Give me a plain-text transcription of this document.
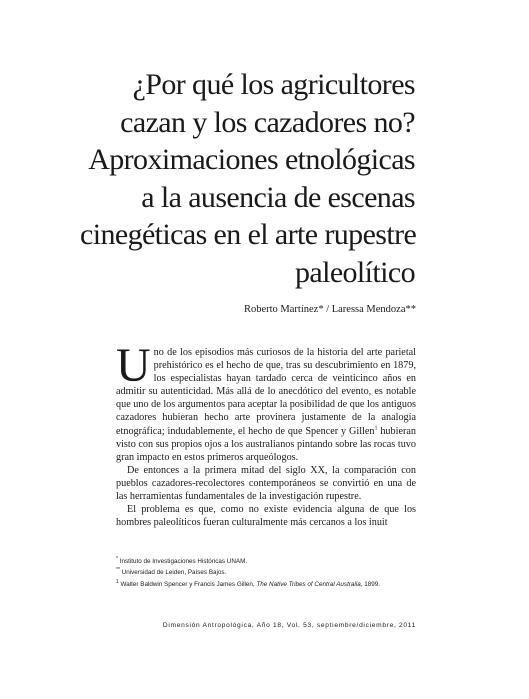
¿Por qué los agricultores
cazan y los cazadores no?
Aproximaciones etnológicas
a la ausencia de escenas
cinegéticas en el arte rupestre
paleolítico
Roberto Martínez* / Laressa Mendoza**

Uno de los episodios más curiosos de la historia del arte parietal prehistórico es el hecho de que, tras su descubrimiento en 1879, los especialistas hayan tardado cerca de veinticinco años en admitir su autenticidad. Más allá de lo anecdótico del evento, es notable que uno de los argumentos para aceptar la posibilidad de que los antiguos cazadores hubieran hecho arte provinera justamente de la analogía etnográfica; indudablemente, el hecho de que Spencer y Gillen$^1$ hubieran visto con sus propios ojos a los australianos pintando sobre las rocas tuvo gran impacto en estos primeros arqueólogos.

De entonces a la primera mitad del siglo XX, la comparación con pueblos cazadores-recolectores contemporáneos se convirtió en una de las herramientas fundamentales de la investigación rupestre.

El problema es que, como no existe evidencia alguna de que los hombres paleolíticos fueran culturalmente más cercanos a los inuit

* Instituto de Investigaciones Históricas UNAM.
** Universidad de Leiden, Países Bajos.
$^1$ Walter Baldwin Spencer y Francis James Gillen, The Native Tribes of Central Australia, 1899.
Dimensión Antropológica, Año 18, Vol. 53, septiembre/diciembre, 2011
